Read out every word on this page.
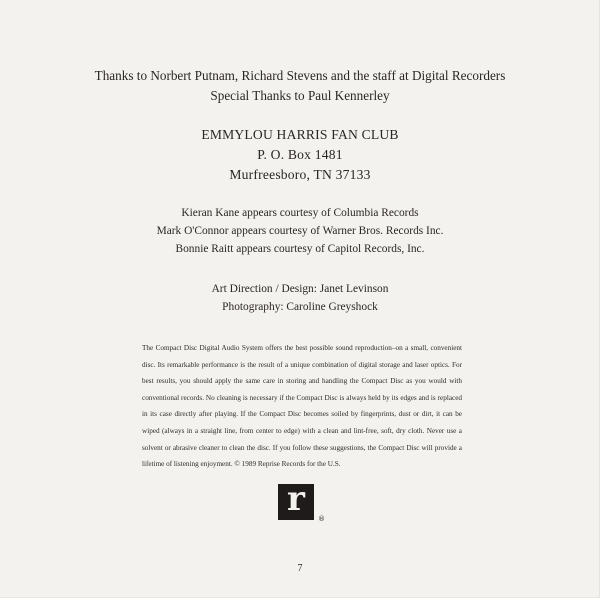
Thanks to Norbert Putnam, Richard Stevens and the staff at Digital Recorders
Special Thanks to Paul Kennerley
EMMYLOU HARRIS FAN CLUB
P. O. Box 1481
Murfreesboro, TN 37133
Kieran Kane appears courtesy of Columbia Records
Mark O'Connor appears courtesy of Warner Bros. Records Inc.
Bonnie Raitt appears courtesy of Capitol Records, Inc.
Art Direction / Design: Janet Levinson
Photography: Caroline Greyshock

The Compact Disc Digital Audio System offers the best possible sound reproduction–on a small, convenient disc. Its remarkable performance is the result of a unique combination of digital storage and laser optics. For best results, you should apply the same care in storing and handling the Compact Disc as you would with conventional records. No cleaning is necessary if the Compact Disc is always held by its edges and is replaced in its case directly after playing. If the Compact Disc becomes soiled by fingerprints, dust or dirt, it can be wiped (always in a straight line, from center to edge) with a clean and lint-free, soft, dry cloth. Never use a solvent or abrasive cleaner to clean the disc. If you follow these suggestions, the Compact Disc will provide a lifetime of listening enjoyment. © 1989 Reprise Records for the U.S.

r	®
7
